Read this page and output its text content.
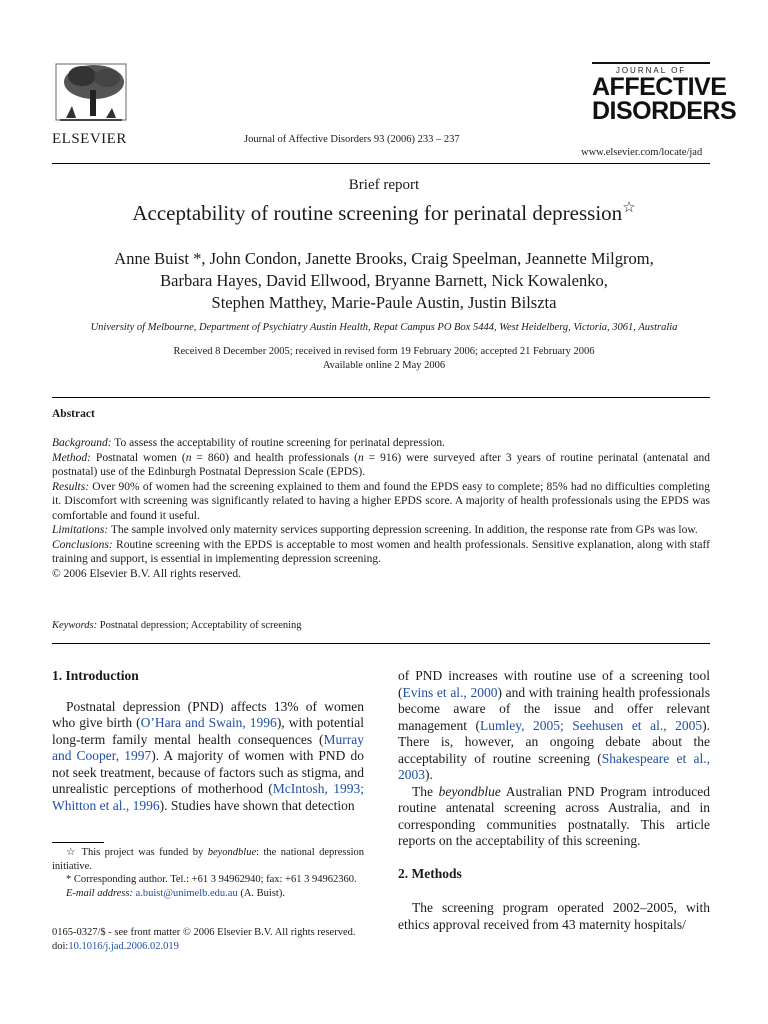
ELSEVIER	Journal of Affective Disorders 93 (2006) 233 – 237
JOURNAL OF
AFFECTIVE
DISORDERS
www.elsevier.com/locate/jad
Brief report
Acceptability of routine screening for perinatal depression☆
Anne Buist *, John Condon, Janette Brooks, Craig Speelman, Jeannette Milgrom,
Barbara Hayes, David Ellwood, Bryanne Barnett, Nick Kowalenko,
Stephen Matthey, Marie-Paule Austin, Justin Bilszta
University of Melbourne, Department of Psychiatry Austin Health, Repat Campus PO Box 5444, West Heidelberg, Victoria, 3061, Australia
Received 8 December 2005; received in revised form 19 February 2006; accepted 21 February 2006
Available online 2 May 2006
Abstract

Background: To assess the acceptability of routine screening for perinatal depression.

Method: Postnatal women (n = 860) and health professionals (n = 916) were surveyed after 3 years of routine perinatal (antenatal and postnatal) use of the Edinburgh Postnatal Depression Scale (EPDS).

Results: Over 90% of women had the screening explained to them and found the EPDS easy to complete; 85% had no difficulties completing it. Discomfort with screening was significantly related to having a higher EPDS score. A majority of health professionals using the EPDS was comfortable and found it useful.

Limitations: The sample involved only maternity services supporting depression screening. In addition, the response rate from GPs was low.

Conclusions: Routine screening with the EPDS is acceptable to most women and health professionals. Sensitive explanation, along with staff training and support, is essential in implementing depression screening.

© 2006 Elsevier B.V. All rights reserved.

Keywords: Postnatal depression; Acceptability of screening

1. Introduction

Postnatal depression (PND) affects 13% of women who give birth (O’Hara and Swain, 1996), with potential long-term family mental health consequences (Murray and Cooper, 1997). A majority of women with PND do not seek treatment, because of factors such as stigma, and unrealistic perceptions of motherhood (McIntosh, 1993; Whitton et al., 1996). Studies have shown that detection

of PND increases with routine use of a screening tool (Evins et al., 2000) and with training health professionals become aware of the issue and offer relevant management (Lumley, 2005; Seehusen et al., 2005). There is, however, an ongoing debate about the acceptability of routine screening (Shakespeare et al., 2003).

The beyondblue Australian PND Program introduced routine antenatal screening across Australia, and in corresponding communities postnatally. This article reports on the acceptability of this screening.

2. Methods

The screening program operated 2002–2005, with ethics approval received from 43 maternity hospitals/

☆ This project was funded by beyondblue: the national depression initiative.

* Corresponding author. Tel.: +61 3 94962940; fax: +61 3 94962360.

E-mail address: a.buist@unimelb.edu.au (A. Buist).

0165-0327/$ - see front matter © 2006 Elsevier B.V. All rights reserved.
doi:10.1016/j.jad.2006.02.019
